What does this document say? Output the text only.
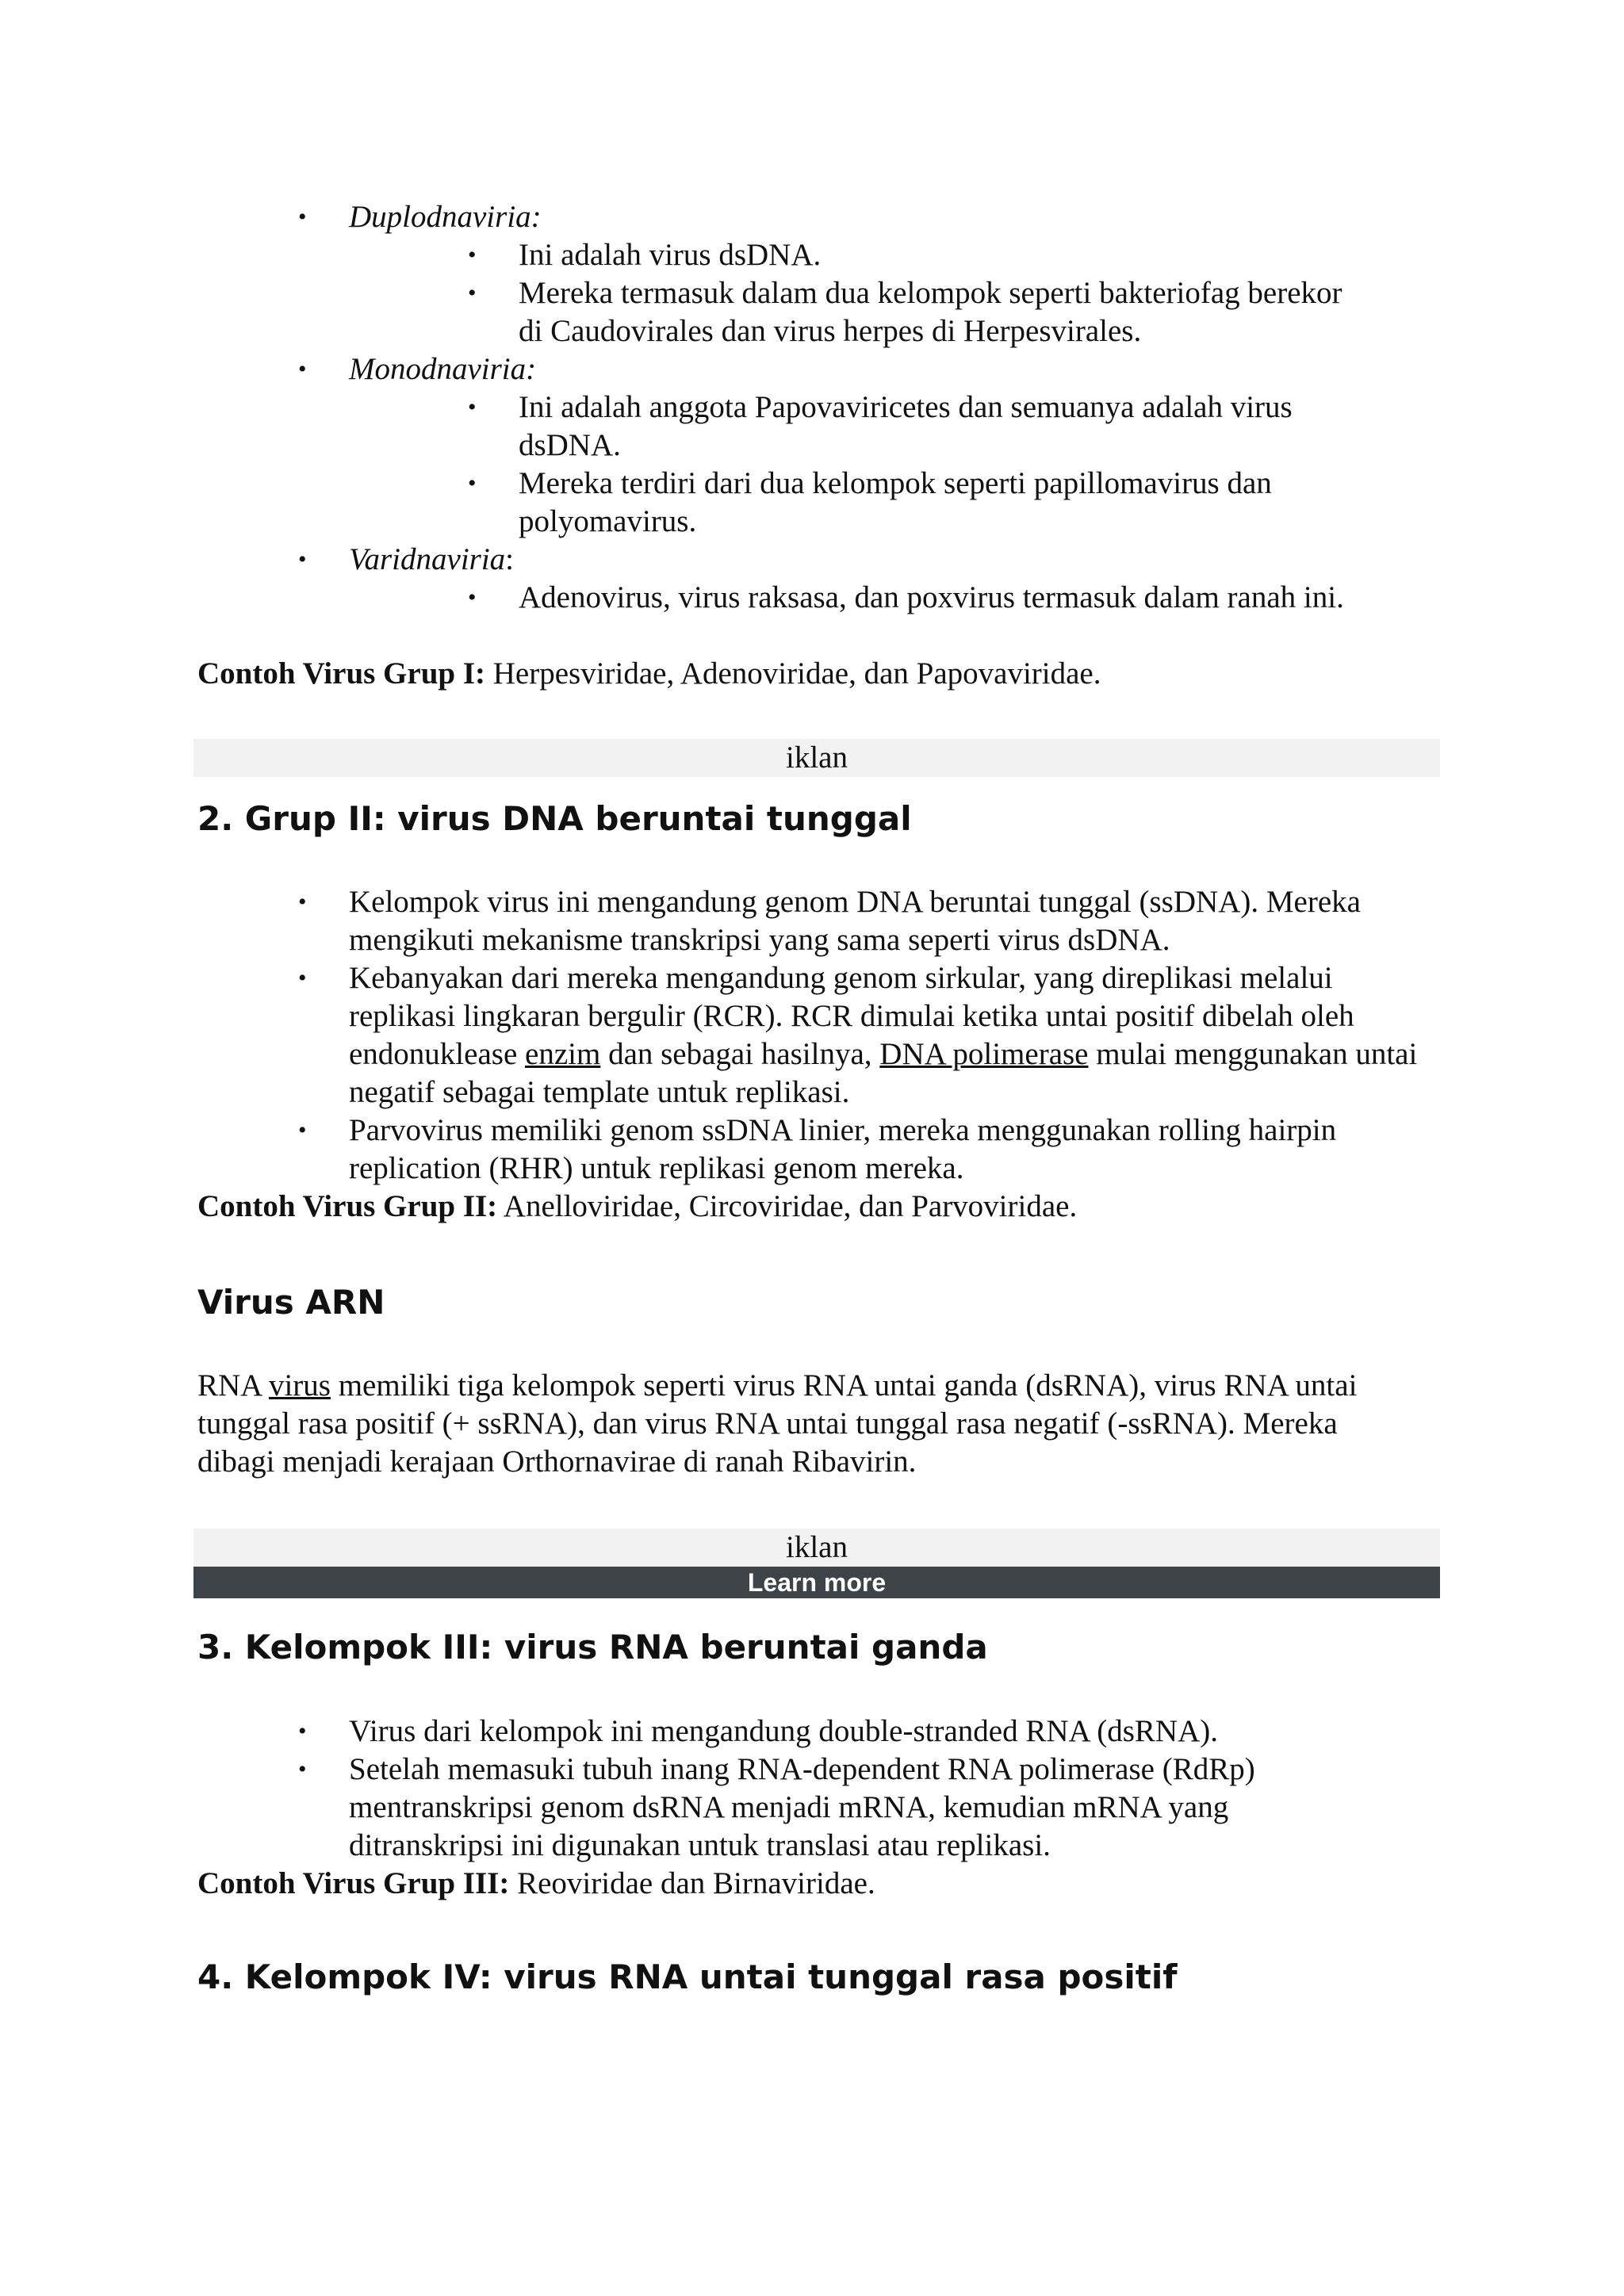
• Duplodnaviria:
• Ini adalah virus dsDNA.
• Mereka termasuk dalam dua kelompok seperti bakteriofag berekor di Caudovirales dan virus herpes di Herpesvirales.
• Monodnaviria:
• Ini adalah anggota Papovaviricetes dan semuanya adalah virus dsDNA.
• Mereka terdiri dari dua kelompok seperti papillomavirus dan polyomavirus.
• Varidnaviria:
• Adenovirus, virus raksasa, dan poxvirus termasuk dalam ranah ini.
Contoh Virus Grup I: Herpesviridae, Adenoviridae, dan Papovaviridae.
iklan
2. Grup II: virus DNA beruntai tunggal
• Kelompok virus ini mengandung genom DNA beruntai tunggal (ssDNA). Mereka mengikuti mekanisme transkripsi yang sama seperti virus dsDNA.
• Kebanyakan dari mereka mengandung genom sirkular, yang direplikasi melalui replikasi lingkaran bergulir (RCR). RCR dimulai ketika untai positif dibelah oleh endonuklease enzim dan sebagai hasilnya, DNA polimerase mulai menggunakan untai negatif sebagai template untuk replikasi.
• Parvovirus memiliki genom ssDNA linier, mereka menggunakan rolling hairpin replication (RHR) untuk replikasi genom mereka.
Contoh Virus Grup II: Anelloviridae, Circoviridae, dan Parvoviridae.
Virus ARN
RNA virus memiliki tiga kelompok seperti virus RNA untai ganda (dsRNA), virus RNA untai tunggal rasa positif (+ ssRNA), dan virus RNA untai tunggal rasa negatif (-ssRNA). Mereka dibagi menjadi kerajaan Orthornavirae di ranah Ribavirin.
iklan
Learn more
3. Kelompok III: virus RNA beruntai ganda
• Virus dari kelompok ini mengandung double-stranded RNA (dsRNA).
• Setelah memasuki tubuh inang RNA-dependent RNA polimerase (RdRp) mentranskripsi genom dsRNA menjadi mRNA, kemudian mRNA yang ditranskripsi ini digunakan untuk translasi atau replikasi.
Contoh Virus Grup III: Reoviridae dan Birnaviridae.
4. Kelompok IV: virus RNA untai tunggal rasa positif
